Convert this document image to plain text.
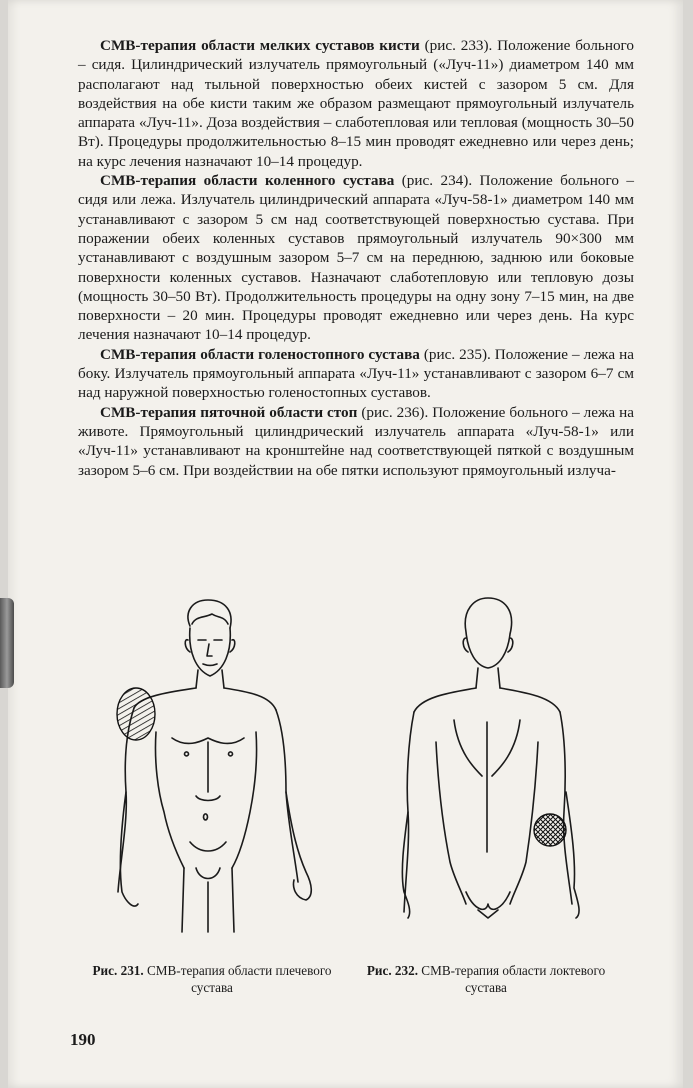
СМВ-терапия области мелких суставов кисти (рис. 233). Положение больного – сидя. Цилиндрический излучатель прямоугольный («Луч-11») диаметром 140 мм располагают над тыльной поверхностью обеих кистей с зазором 5 см. Для воздействия на обе кисти таким же образом размещают прямоугольный излучатель аппарата «Луч-11». Доза воздействия – слаботепловая или тепловая (мощность 30–50 Вт). Процедуры продолжительностью 8–15 мин проводят ежедневно или через день; на курс лечения назначают 10–14 процедур.

СМВ-терапия области коленного сустава (рис. 234). Положение больного – сидя или лежа. Излучатель цилиндрический аппарата «Луч-58-1» диаметром 140 мм устанавливают с зазором 5 см над соответствующей поверхностью сустава. При поражении обеих коленных суставов прямоугольный излучатель 90×300 мм устанавливают с воздушным зазором 5–7 см на переднюю, заднюю или боковые поверхности коленных суставов. Назначают слаботепловую или тепловую дозы (мощность 30–50 Вт). Продолжительность процедуры на одну зону 7–15 мин, на две поверхности – 20 мин. Процедуры проводят ежедневно или через день. На курс лечения назначают 10–14 процедур.

СМВ-терапия области голеностопного сустава (рис. 235). Положение – лежа на боку. Излучатель прямоугольный аппарата «Луч-11» устанавливают с зазором 6–7 см над наружной поверхностью голеностопных суставов.

СМВ-терапия пяточной области стоп (рис. 236). Положение больного – лежа на животе. Прямоугольный цилиндрический излучатель аппарата «Луч-58-1» или «Луч-11» устанавливают на кронштейне над соответствующей пяткой с воздушным зазором 5–6 см. При воздействии на обе пятки используют прямоугольный излуча-

Рис. 231. СМВ-терапия области плечевого сустава
Рис. 232. СМВ-терапия области локтевого сустава
190
